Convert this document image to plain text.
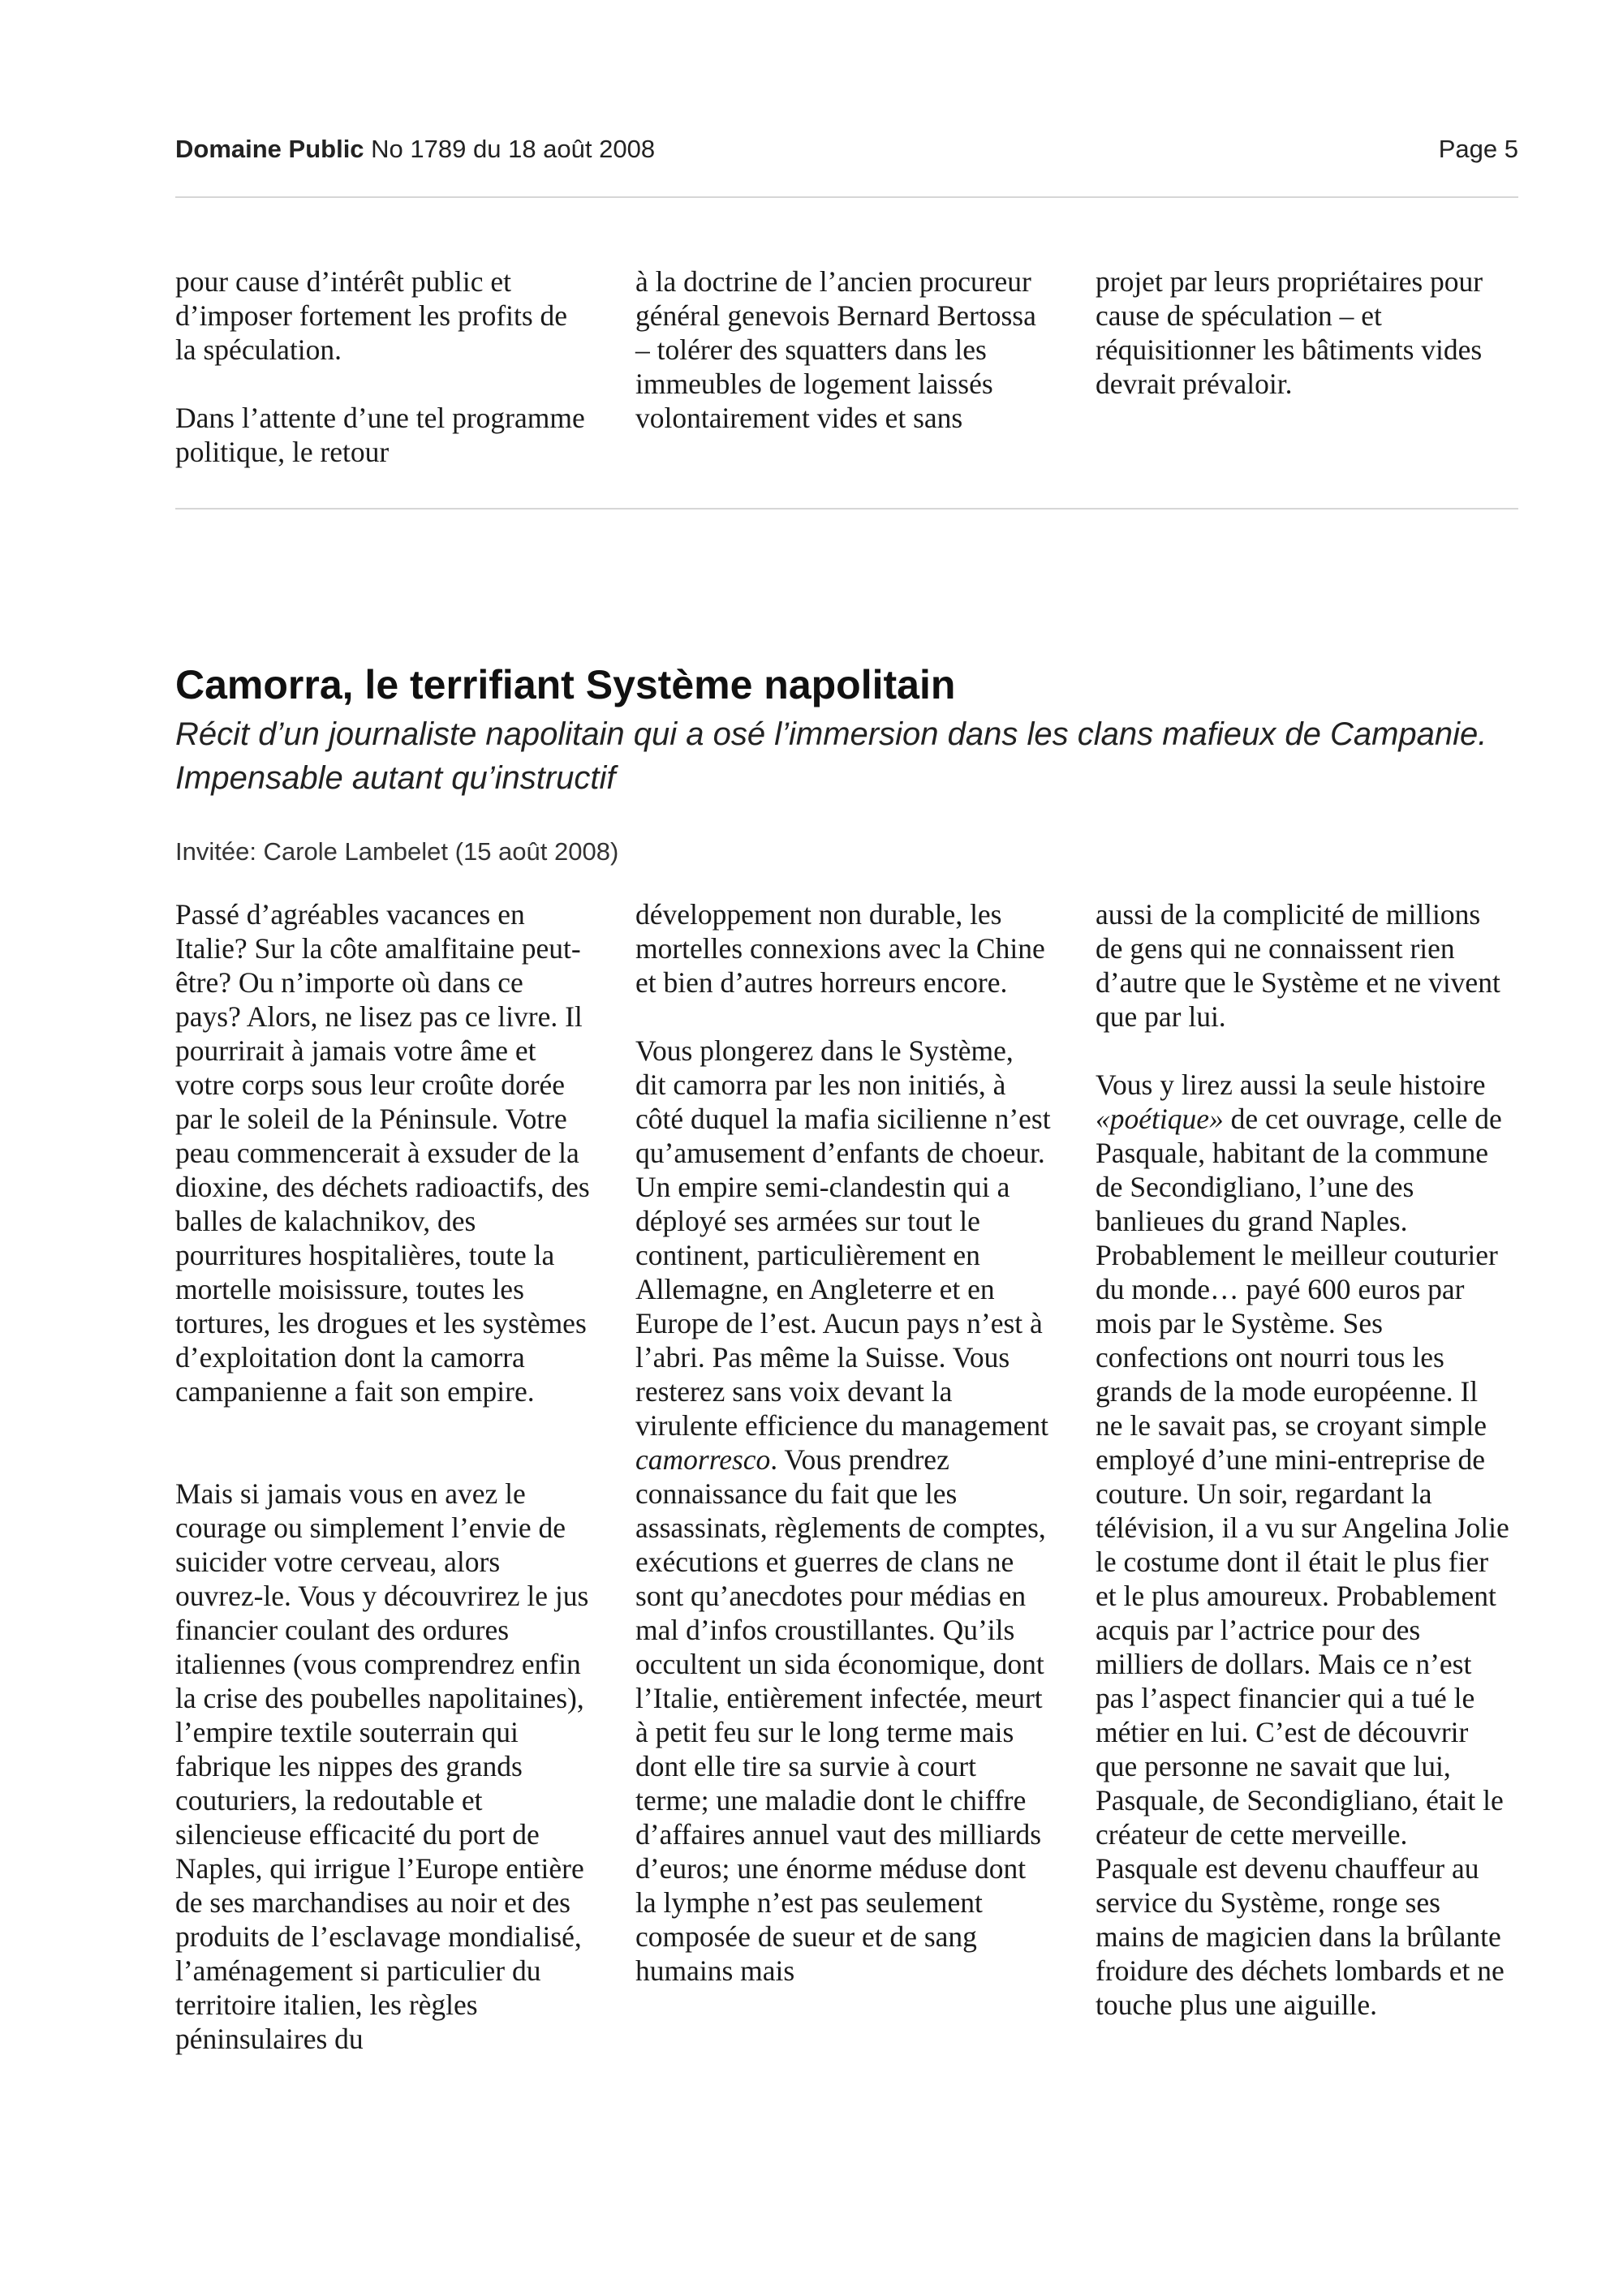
Domaine Public No 1789 du 18 août 2008	Page 5

pour cause d’intérêt public et d’imposer fortement les profits de la spéculation.

Dans l’attente d’une tel programme politique, le retour

à la doctrine de l’ancien procureur général genevois Bernard Bertossa – tolérer des squatters dans les immeubles de logement laissés volontairement vides et sans

projet par leurs propriétaires pour cause de spéculation – et réquisitionner les bâtiments vides devrait prévaloir.

Camorra, le terrifiant Système napolitain

Récit d’un journaliste napolitain qui a osé l’immersion dans les clans mafieux de Campanie. Impensable autant qu’instructif

Invitée: Carole Lambelet (15 août 2008)

Passé d’agréables vacances en Italie? Sur la côte amalfitaine peut-être? Ou n’importe où dans ce pays? Alors, ne lisez pas ce livre. Il pourrirait à jamais votre âme et votre corps sous leur croûte dorée par le soleil de la Péninsule. Votre peau commencerait à exsuder de la dioxine, des déchets radioactifs, des balles de kalachnikov, des pourritures hospitalières, toute la mortelle moisissure, toutes les tortures, les drogues et les systèmes d’exploitation dont la camorra campanienne a fait son empire.

Mais si jamais vous en avez le courage ou simplement l’envie de suicider votre cerveau, alors ouvrez-le. Vous y découvrirez le jus financier coulant des ordures italiennes (vous comprendrez enfin la crise des poubelles napolitaines), l’empire textile souterrain qui fabrique les nippes des grands couturiers, la redoutable et silencieuse efficacité du port de Naples, qui irrigue l’Europe entière de ses marchandises au noir et des produits de l’esclavage mondialisé, l’aménagement si particulier du territoire italien, les règles péninsulaires du

développement non durable, les mortelles connexions avec la Chine et bien d’autres horreurs encore.

Vous plongerez dans le Système, dit camorra par les non initiés, à côté duquel la mafia sicilienne n’est qu’amusement d’enfants de choeur. Un empire semi-clandestin qui a déployé ses armées sur tout le continent, particulièrement en Allemagne, en Angleterre et en Europe de l’est. Aucun pays n’est à l’abri. Pas même la Suisse. Vous resterez sans voix devant la virulente efficience du management camorresco. Vous prendrez connaissance du fait que les assassinats, règlements de comptes, exécutions et guerres de clans ne sont qu’anecdotes pour médias en mal d’infos croustillantes. Qu’ils occultent un sida économique, dont l’Italie, entièrement infectée, meurt à petit feu sur le long terme mais dont elle tire sa survie à court terme; une maladie dont le chiffre d’affaires annuel vaut des milliards d’euros; une énorme méduse dont la lymphe n’est pas seulement composée de sueur et de sang humains mais

aussi de la complicité de millions de gens qui ne connaissent rien d’autre que le Système et ne vivent que par lui.

Vous y lirez aussi la seule histoire «poétique» de cet ouvrage, celle de Pasquale, habitant de la commune de Secondigliano, l’une des banlieues du grand Naples. Probablement le meilleur couturier du monde… payé 600 euros par mois par le Système. Ses confections ont nourri tous les grands de la mode européenne. Il ne le savait pas, se croyant simple employé d’une mini-entreprise de couture. Un soir, regardant la télévision, il a vu sur Angelina Jolie le costume dont il était le plus fier et le plus amoureux. Probablement acquis par l’actrice pour des milliers de dollars. Mais ce n’est pas l’aspect financier qui a tué le métier en lui. C’est de découvrir que personne ne savait que lui, Pasquale, de Secondigliano, était le créateur de cette merveille. Pasquale est devenu chauffeur au service du Système, ronge ses mains de magicien dans la brûlante froidure des déchets lombards et ne touche plus une aiguille.
